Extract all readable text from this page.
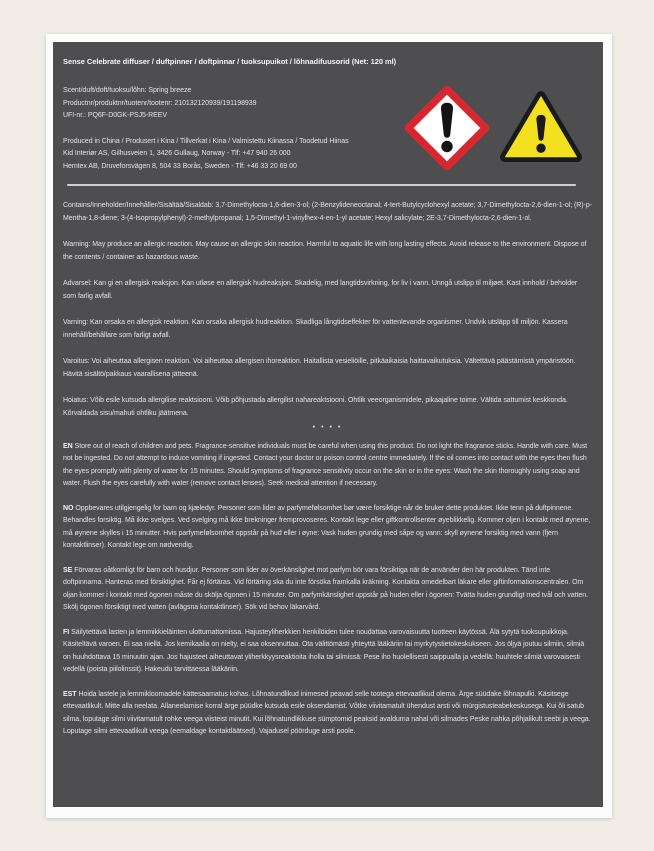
Sense Celebrate diffuser / duftpinner / doftpinnar / tuoksupuikot / lõhnadifuusorid (Net: 120 ml)
Scent/duft/doft/tuoksu/lõhn: Spring breeze
Productnr/produktnr/tuotenr/tootenr: 210132120939/191198939
UFI-nr.: PQ6F-D0GK-PSJ5-REEV
Produced in China / Produsert i Kina / Tillverkat i Kina / Valmistettu Kiinassa / Toodetud Hiinas
Kid Interiør AS, Gilhusveien 1, 3426 Gullaug, Norway - Tlf: +47 940 26 000
Hemtex AB, Druveforsvägen 8, 504 33 Borås, Sweden - Tlf: +46 33 20 69 00

Contains/Inneholder/Innehåller/Sisältää/Sisaldab: 3,7-Dimethylocta-1,6-dien-3-ol; (2-Benzylideneoctanal; 4-tert-Butylcyclohexyl acetate; 3,7-Dimethylocta-2,6-dien-1-ol; (R)-p-Mentha-1,8-diene; 3-(4-Isopropylphenyl)-2-methylpropanal; 1,5-Dimethyl-1-vinylhex-4-en-1-yl acetate; Hexyl salicylate; 2E-3,7-Dimethylocta-2,6-dien-1-ol.

Warning: May produce an allergic reaction. May cause an allergic skin reaction. Harmful to aquatic life with long lasting effects. Avoid release to the environment. Dispose of the contents / container as hazardous waste.

Advarsel: Kan gi en allergisk reaksjon. Kan utløse en allergisk hudreaksjon. Skadelig, med langtidsvirkning, for liv i vann. Unngå utslipp til miljøet. Kast innhold / beholder som farlig avfall.

Varning: Kan orsaka en allergisk reaktion. Kan orsaka allergisk hudreaktion. Skadliga långtidseffekter för vattenlevande organismer. Undvik utsläpp till miljön. Kassera innehåll/behållare som farligt avfall.

Varoitus: Voi aiheuttaa allergisen reaktion. Voi aiheuttaa allergisen ihoreaktion. Haitallista vesieliöille, pitkäaikaisia haittavaikutuksia. Vältettävä päästämistä ympäristöön. Hävitä sisältö/pakkaus vaarallisena jätteenä.

Hoiatus: Võib esile kutsuda allergilise reaktsiooni. Võib põhjustada allergilist nahareaktsiooni. Ohtlik veeorganismidele, pikaajaline toime. Vältida sattumist keskkonda. Kõrvaldada sisu/mahuti ohtliku jäätmena.

• • • •

EN Store out of reach of children and pets. Fragrance-sensitive individuals must be careful when using this product. Do not light the fragrance sticks. Handle with care. Must not be ingested. Do not attempt to induce vomiting if ingested. Contact your doctor or poison control centre immediately. If the oil comes into contact with the eyes then flush the eyes promptly with plenty of water for 15 minutes. Should symptoms of fragrance sensitivity occur on the skin or in the eyes: Wash the skin thoroughly using soap and water. Flush the eyes carefully with water (remove contact lenses). Seek medical attention if necessary.

NO Oppbevares utilgjengelig for barn og kjæledyr. Personer som lider av parfymefølsomhet bør være forsiktige når de bruker dette produktet. Ikke tenn på duftpinnene. Behandles forsiktig. Må ikke svelges. Ved svelging må ikke brekninger fremprovoseres. Kontakt lege eller giftkontrollsenter øyeblikkelig. Kommer oljen i kontakt med øynene, må øynene skylles i 15 minutter. Hvis parfymefølsomhet oppstår på hud eller i øyne: Vask huden grundig med såpe og vann: skyll øynene forsiktig med vann (fjern kontaktlinser). Kontakt lege om nødvendig.

SE Förvaras oåtkomligt för barn och husdjur. Personer som lider av överkänslighet mot parfym bör vara försiktiga när de använder den här produkten. Tänd inte doftpinnarna. Hanteras med försiktighet. Får ej förtäras. Vid förtäring ska du inte försöka framkalla kräkning. Kontakta omedelbart läkare eller giftinformationscentralen. Om oljan kommer i kontakt med ögonen måste du skölja ögonen i 15 minuter. Om parfymkänslighet uppstår på huden eller i ögonen: Tvätta huden grundligt med tvål och vatten. Skölj ögonen försiktigt med vatten (avlägsna kontaktlinser). Sök vid behov läkarvård.

FI Säilytettävä lasten ja lemmikkieläinten ulottumattomissa. Hajusteyliherkkien henkilöiden tulee noudattaa varovaisuutta tuotteen käytössä. Älä sytytä tuoksupuikkoja. Käsiteltävä varoen. Ei saa niellä. Jos kemikaalia on nielty, ei saa oksennuttaa. Ota välittömästi yhteyttä lääkäriin tai myrkytystietokeskukseen. Jos öljyä joutuu silmiin, silmiä on huuhdottava 15 minuutin ajan. Jos hajusteet aiheuttavat yliherkkyysreaktioita iholla tai silmissä: Pese iho huolellisesti saippualla ja vedellä: huuhtele silmiä varovaisesti vedellä (poista piilolinssit). Hakeudu tarvittaessa lääkäriin.

EST Hoida lastele ja lemmikloomadele kättesaamatus kohas. Lõhnatundlikud inimesed peavad selle tootega ettevaatlikud olema. Ärge süüdake lõhnapulki. Käsitsege ettevaatlikult. Mitte alla neelata. Allaneelamise korral ärge püüdke kutsuda esile oksendamist. Võtke viivitamatult ühendust arsti või mürgistusteabekeskusega. Kui õli satub silma, loputage silmi viivitamatult rohke veega viisteist minutit. Kui lõhnatundlikkuse sümptomid peaksid avalduma nahal või silmades Peske nahka põhjalikult seebi ja veega. Loputage silmi ettevaatlikult veega (eemaldage kontaktläätsed). Vajadusel pöörduge arsti poole.
